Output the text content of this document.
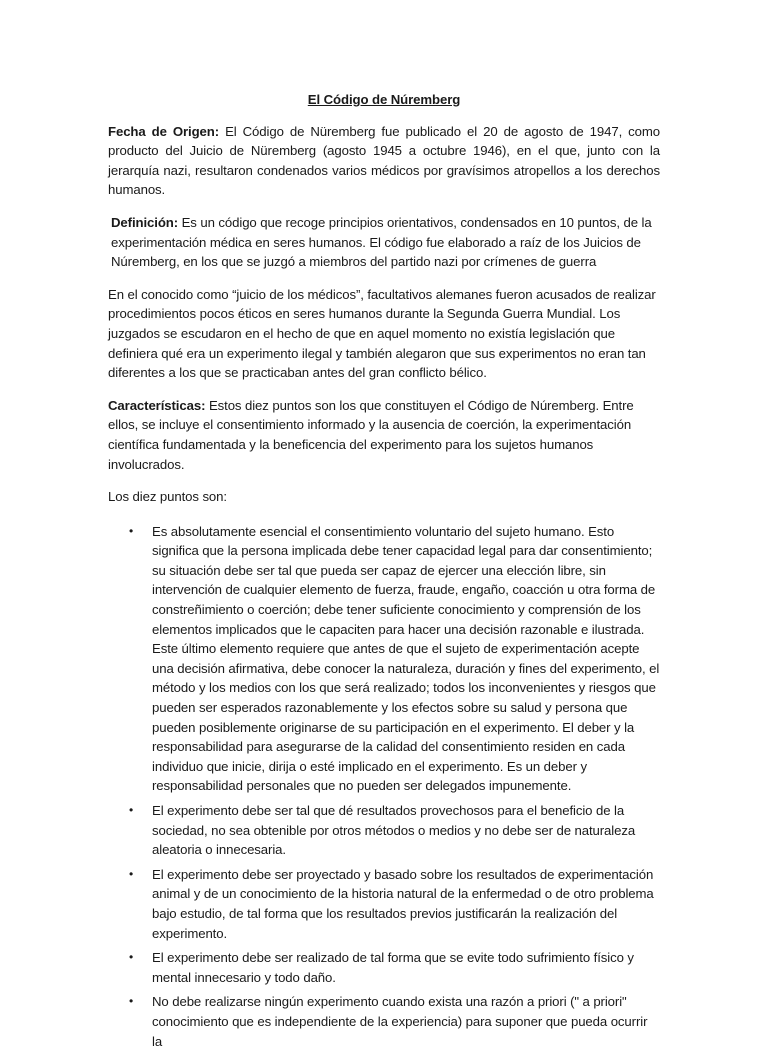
El Código de Núremberg

Fecha de Origen: El Código de Nüremberg fue publicado el 20 de agosto de 1947, como producto del Juicio de Nüremberg (agosto 1945 a octubre 1946), en el que, junto con la jerarquía nazi, resultaron condenados varios médicos por gravísimos atropellos a los derechos humanos.

Definición: Es un código que recoge principios orientativos, condensados en 10 puntos, de la experimentación médica en seres humanos. El código fue elaborado a raíz de los Juicios de Núremberg, en los que se juzgó a miembros del partido nazi por crímenes de guerra

En el conocido como “juicio de los médicos”, facultativos alemanes fueron acusados de realizar procedimientos pocos éticos en seres humanos durante la Segunda Guerra Mundial. Los juzgados se escudaron en el hecho de que en aquel momento no existía legislación que definiera qué era un experimento ilegal y también alegaron que sus experimentos no eran tan diferentes a los que se practicaban antes del gran conflicto bélico.

Características: Estos diez puntos son los que constituyen el Código de Núremberg. Entre ellos, se incluye el consentimiento informado y la ausencia de coerción, la experimentación científica fundamentada y la beneficencia del experimento para los sujetos humanos involucrados.

Los diez puntos son:

• Es absolutamente esencial el consentimiento voluntario del sujeto humano. Esto significa que la persona implicada debe tener capacidad legal para dar consentimiento; su situación debe ser tal que pueda ser capaz de ejercer una elección libre, sin intervención de cualquier elemento de fuerza, fraude, engaño, coacción u otra forma de constreñimiento o coerción; debe tener suficiente conocimiento y comprensión de los elementos implicados que le capaciten para hacer una decisión razonable e ilustrada. Este último elemento requiere que antes de que el sujeto de experimentación acepte una decisión afirmativa, debe conocer la naturaleza, duración y fines del experimento, el método y los medios con los que será realizado; todos los inconvenientes y riesgos que pueden ser esperados razonablemente y los efectos sobre su salud y persona que pueden posiblemente originarse de su participación en el experimento. El deber y la responsabilidad para asegurarse de la calidad del consentimiento residen en cada individuo que inicie, dirija o esté implicado en el experimento. Es un deber y responsabilidad personales que no pueden ser delegados impunemente.
• El experimento debe ser tal que dé resultados provechosos para el beneficio de la sociedad, no sea obtenible por otros métodos o medios y no debe ser de naturaleza aleatoria o innecesaria.
• El experimento debe ser proyectado y basado sobre los resultados de experimentación animal y de un conocimiento de la historia natural de la enfermedad o de otro problema bajo estudio, de tal forma que los resultados previos justificarán la realización del experimento.
• El experimento debe ser realizado de tal forma que se evite todo sufrimiento físico y mental innecesario y todo daño.
• No debe realizarse ningún experimento cuando exista una razón a priori (" a priori" conocimiento que es independiente de la experiencia) para suponer que pueda ocurrir la
